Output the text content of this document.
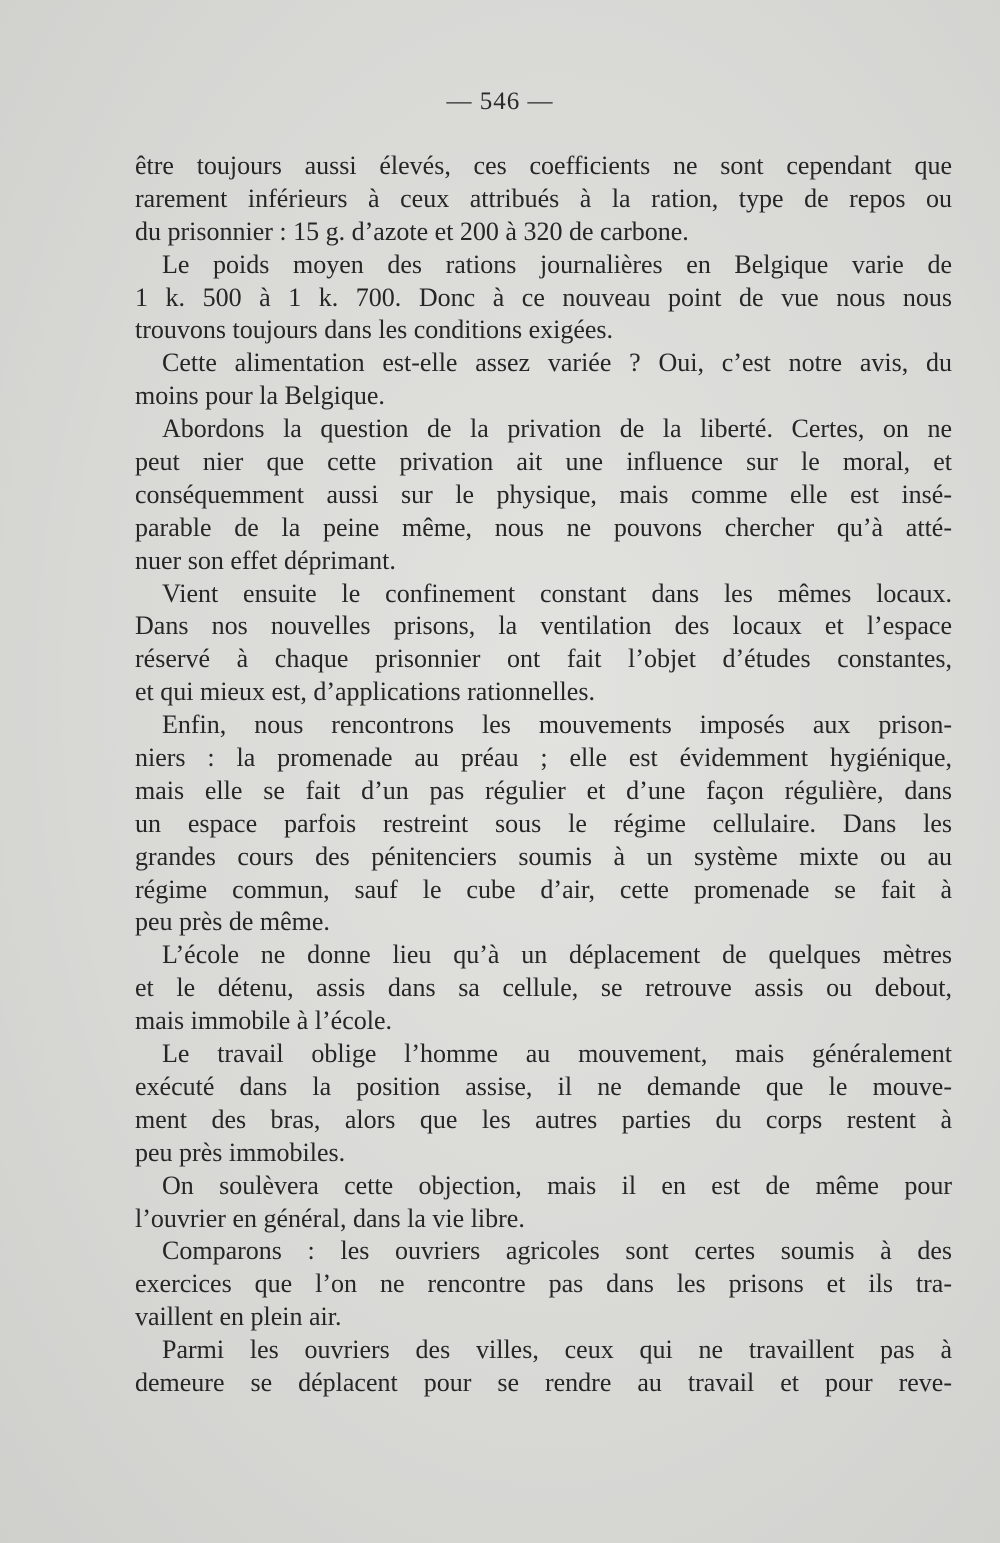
— 546 —
être toujours aussi élevés, ces coefficients ne sont cependant que
rarement inférieurs à ceux attribués à la ration, type de repos ou
du prisonnier : 15 g. d’azote et 200 à 320 de carbone.
Le poids moyen des rations journalières en Belgique varie de
1 k. 500 à 1 k. 700. Donc à ce nouveau point de vue nous nous
trouvons toujours dans les conditions exigées.
Cette alimentation est-elle assez variée ? Oui, c’est notre avis, du
moins pour la Belgique.
Abordons la question de la privation de la liberté. Certes, on ne
peut nier que cette privation ait une influence sur le moral, et
conséquemment aussi sur le physique, mais comme elle est insé-
parable de la peine même, nous ne pouvons chercher qu’à atté-
nuer son effet déprimant.
Vient ensuite le confinement constant dans les mêmes locaux.
Dans nos nouvelles prisons, la ventilation des locaux et l’espace
réservé à chaque prisonnier ont fait l’objet d’études constantes,
et qui mieux est, d’applications rationnelles.
Enfin, nous rencontrons les mouvements imposés aux prison-
niers : la promenade au préau ; elle est évidemment hygiénique,
mais elle se fait d’un pas régulier et d’une façon régulière, dans
un espace parfois restreint sous le régime cellulaire. Dans les
grandes cours des pénitenciers soumis à un système mixte ou au
régime commun, sauf le cube d’air, cette promenade se fait à
peu près de même.
L’école ne donne lieu qu’à un déplacement de quelques mètres
et le détenu, assis dans sa cellule, se retrouve assis ou debout,
mais immobile à l’école.
Le travail oblige l’homme au mouvement, mais généralement
exécuté dans la position assise, il ne demande que le mouve-
ment des bras, alors que les autres parties du corps restent à
peu près immobiles.
On soulèvera cette objection, mais il en est de même pour
l’ouvrier en général, dans la vie libre.
Comparons : les ouvriers agricoles sont certes soumis à des
exercices que l’on ne rencontre pas dans les prisons et ils tra-
vaillent en plein air.
Parmi les ouvriers des villes, ceux qui ne travaillent pas à
demeure se déplacent pour se rendre au travail et pour reve-
